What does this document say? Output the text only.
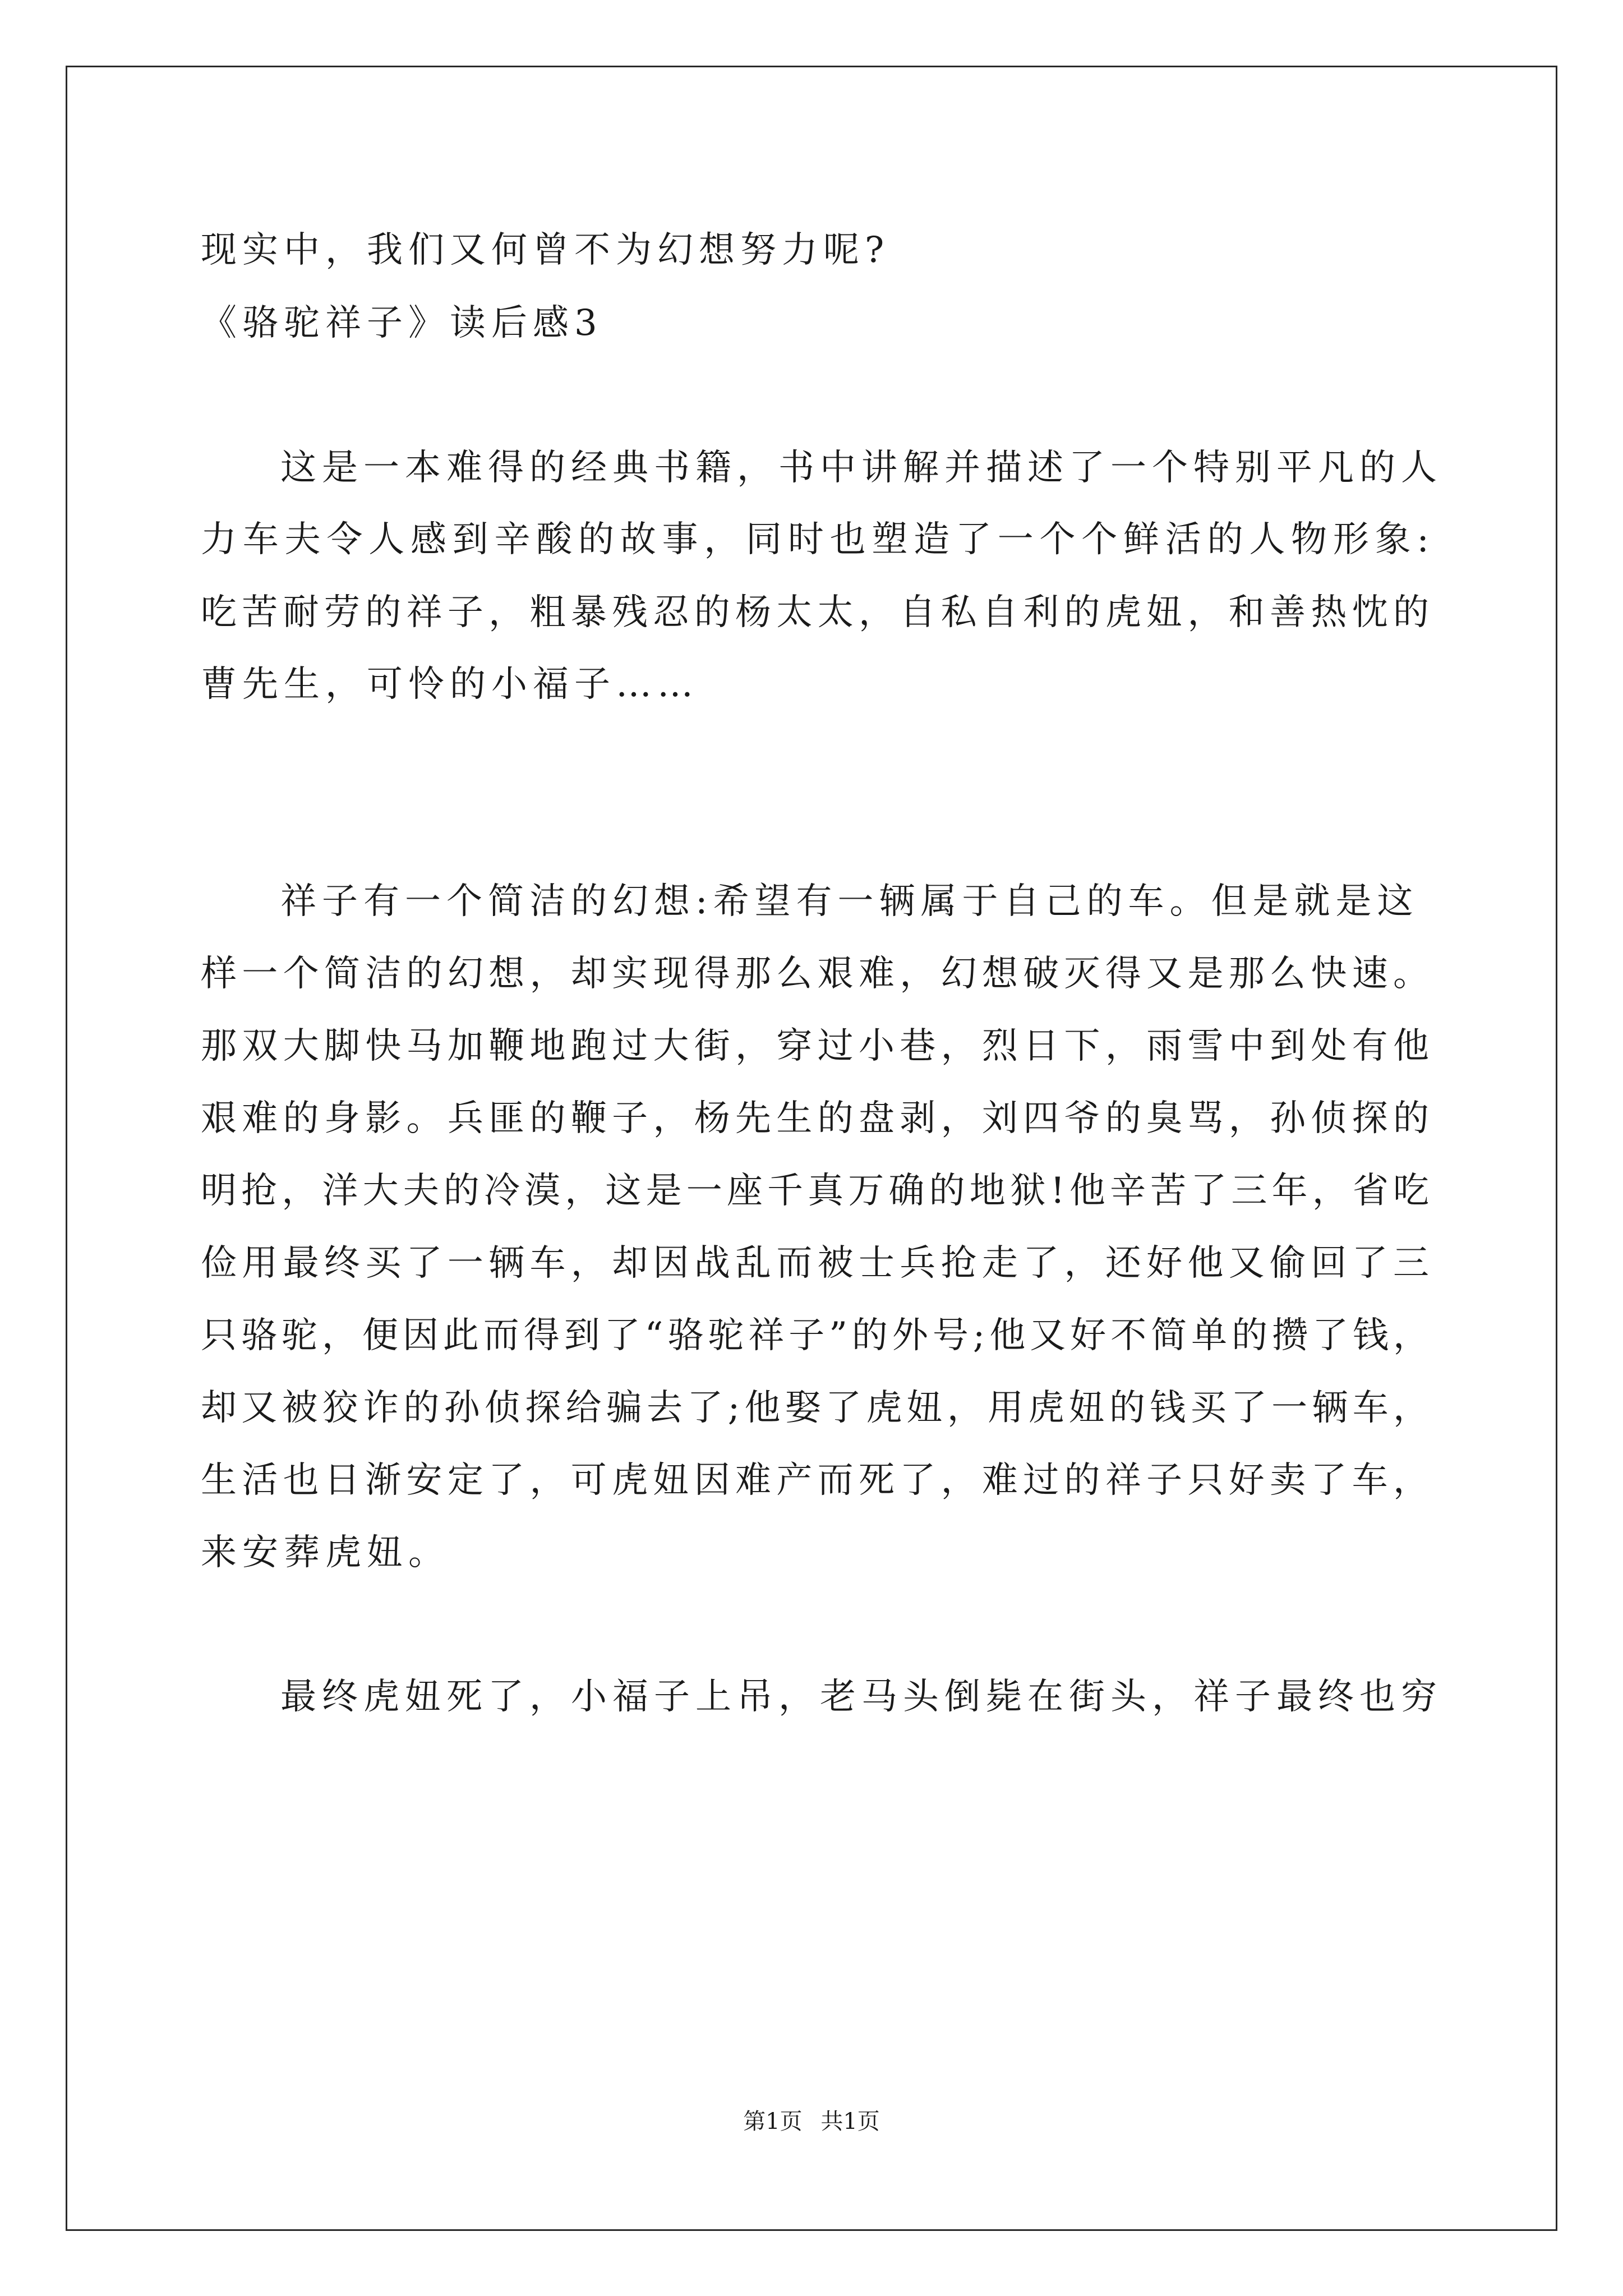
现实中，我们又何曾不为幻想努力呢?
《骆驼祥子》读后感3
这是一本难得的经典书籍，书中讲解并描述了一个特别平凡的人
力车夫令人感到辛酸的故事，同时也塑造了一个个鲜活的人物形象:
吃苦耐劳的祥子，粗暴残忍的杨太太，自私自利的虎妞，和善热忱的
曹先生，可怜的小福子……
祥子有一个简洁的幻想:希望有一辆属于自己的车。但是就是这
样一个简洁的幻想，却实现得那么艰难，幻想破灭得又是那么快速。
那双大脚快马加鞭地跑过大街，穿过小巷，烈日下，雨雪中到处有他
艰难的身影。兵匪的鞭子，杨先生的盘剥，刘四爷的臭骂，孙侦探的
明抢，洋大夫的冷漠，这是一座千真万确的地狱!他辛苦了三年，省吃
俭用最终买了一辆车，却因战乱而被士兵抢走了，还好他又偷回了三
只骆驼，便因此而得到了“骆驼祥子”的外号;他又好不简单的攒了钱，
却又被狡诈的孙侦探给骗去了;他娶了虎妞，用虎妞的钱买了一辆车，
生活也日渐安定了，可虎妞因难产而死了，难过的祥子只好卖了车，
来安葬虎妞。
最终虎妞死了，小福子上吊，老马头倒毙在街头，祥子最终也穷
第1页 共1页
